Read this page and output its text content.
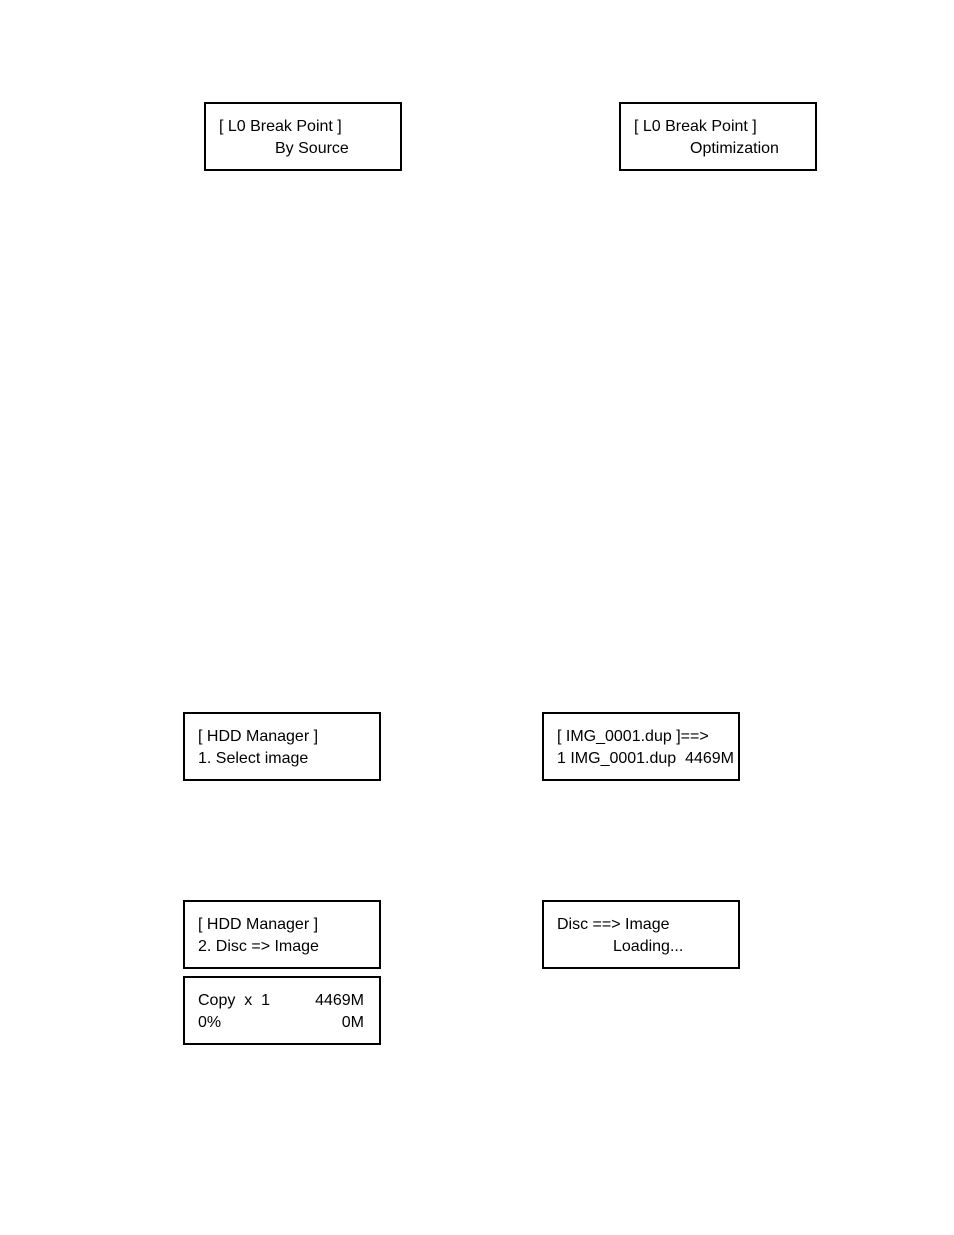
[ L0 Break Point ]
By Source
[ L0 Break Point ]
Optimization
[ HDD Manager ]
1. Select image
[ IMG_0001.dup ]==>
1 IMG_0001.dup  4469M
[ HDD Manager ]
2. Disc => Image
Disc ==> Image
Loading...
Copy  x  1	4469M
0%	0M
